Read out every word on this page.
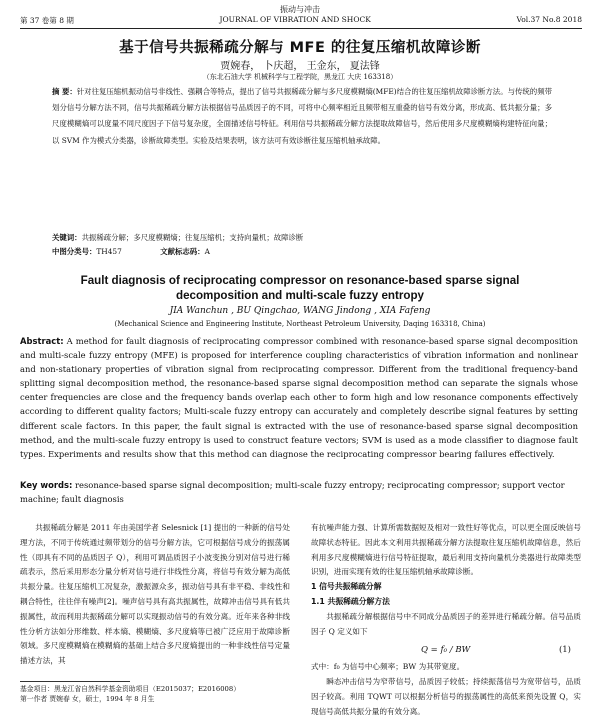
振动与冲击
第 37 卷第 8 期	JOURNAL OF VIBRATION AND SHOCK	Vol.37 No.8 2018
基于信号共振稀疏分解与 MFE 的往复压缩机故障诊断
贾婉春， 卜庆超， 王金东， 夏法锋
（东北石油大学 机械科学与工程学院，黑龙江 大庆 163318）
摘 要：针对往复压缩机振动信号非线性、强耦合等特点，提出了信号共振稀疏分解与多尺度模糊熵(MFE)结合的往复压缩机故障诊断方法。与传统的频带划分信号分解方法不同，信号共振稀疏分解方法根据信号品质因子的不同，可将中心频率相近且频带相互重叠的信号有效分离，形成高、低共振分量；多尺度模糊熵可以度量不同尺度因子下信号复杂度，全面描述信号特征。利用信号共振稀疏分解方法提取故障信号，然后使用多尺度模糊熵构建特征向量；以 SVM 作为模式分类器，诊断故障类型。实验及结果表明，该方法可有效诊断往复压缩机轴承故障。
关键词：共振稀疏分解；多尺度模糊熵；往复压缩机；支持向量机；故障诊断
中图分类号：TH457	文献标志码：A
Fault diagnosis of reciprocating compressor on resonance-based sparse signal decomposition and multi-scale fuzzy entropy
JIA Wanchun , BU Qingchao, WANG Jindong , XIA Fafeng
(Mechanical Science and Engineering Institute, Northeast Petroleum University, Daqing 163318, China)
Abstract: A method for fault diagnosis of reciprocating compressor combined with resonance-based sparse signal decomposition and multi-scale fuzzy entropy (MFE) is proposed for interference coupling characteristics of vibration information and nonlinear and non-stationary properties of vibration signal from reciprocating compressor. Different from the traditional frequency-band splitting signal decomposition method, the resonance-based sparse signal decomposition method can separate the signals whose center frequencies are close and the frequency bands overlap each other to form high and low resonance components effectively according to different quality factors; Multi-scale fuzzy entropy can accurately and completely describe signal features by setting different scale factors. In this paper, the fault signal is extracted with the use of resonance-based sparse signal decomposition method, and the multi-scale fuzzy entropy is used to construct feature vectors; SVM is used as a mode classifier to diagnose fault types. Experiments and results show that this method can diagnose the reciprocating compressor bearing failures effectively.
Key words: resonance-based sparse signal decomposition; multi-scale fuzzy entropy; reciprocating compressor; support vector machine; fault diagnosis

共振稀疏分解是 2011 年由美国学者 Selesnick [1] 提出的一种新的信号处理方法，不同于传统通过频带划分的信号分解方法，它可根据信号成分的振荡属性（即具有不同的品质因子 Q），利用可调品质因子小波变换分别对信号进行稀疏表示，然后采用形态分量分析对信号进行非线性分离，将信号有效分解为高低共振分量。往复压缩机工况复杂，激振源众多，振动信号具有非平稳、非线性和耦合特性，往往伴有噪声[2]。噪声信号具有高共振属性，故障冲击信号具有低共振属性，故而利用共振稀疏分解可以实现振动信号的有效分离。近年来各种非线性分析方法如分形维数、样本熵、模糊熵、多尺度熵等已被广泛应用于故障诊断领域。多尺度模糊熵在模糊熵的基础上结合多尺度熵提出的一种非线性信号定量描述方法，其

有抗噪声能力强、计算所需数据短及相对一致性好等优点，可以更全面反映信号故障状态特征。因此本文利用共振稀疏分解方法提取往复压缩机故障信息，然后利用多尺度模糊熵进行信号特征提取，最后利用支持向量机分类器进行故障类型识别，进而实现有效的往复压缩机轴承故障诊断。

1 信号共振稀疏分解

1.1 共振稀疏分解方法

共振稀疏分解根据信号中不同成分品质因子的差异进行稀疏分解。信号品质因子 Q 定义如下

Q = f₀ / BW	(1)

式中：f₀ 为信号中心频率；BW 为其带宽度。

瞬态冲击信号为窄带信号，品质因子较低；持续振荡信号为宽带信号，品质因子较高。利用 TQWT 可以根据分析信号的振荡属性的高低来预先设置 Q，实现信号高低共振分量的有效分离。

基金项目：黑龙江省自然科学基金资助项目（E2015037；E2016008）
第一作者 贾婉春 女，硕士，1994 年 8 月生
